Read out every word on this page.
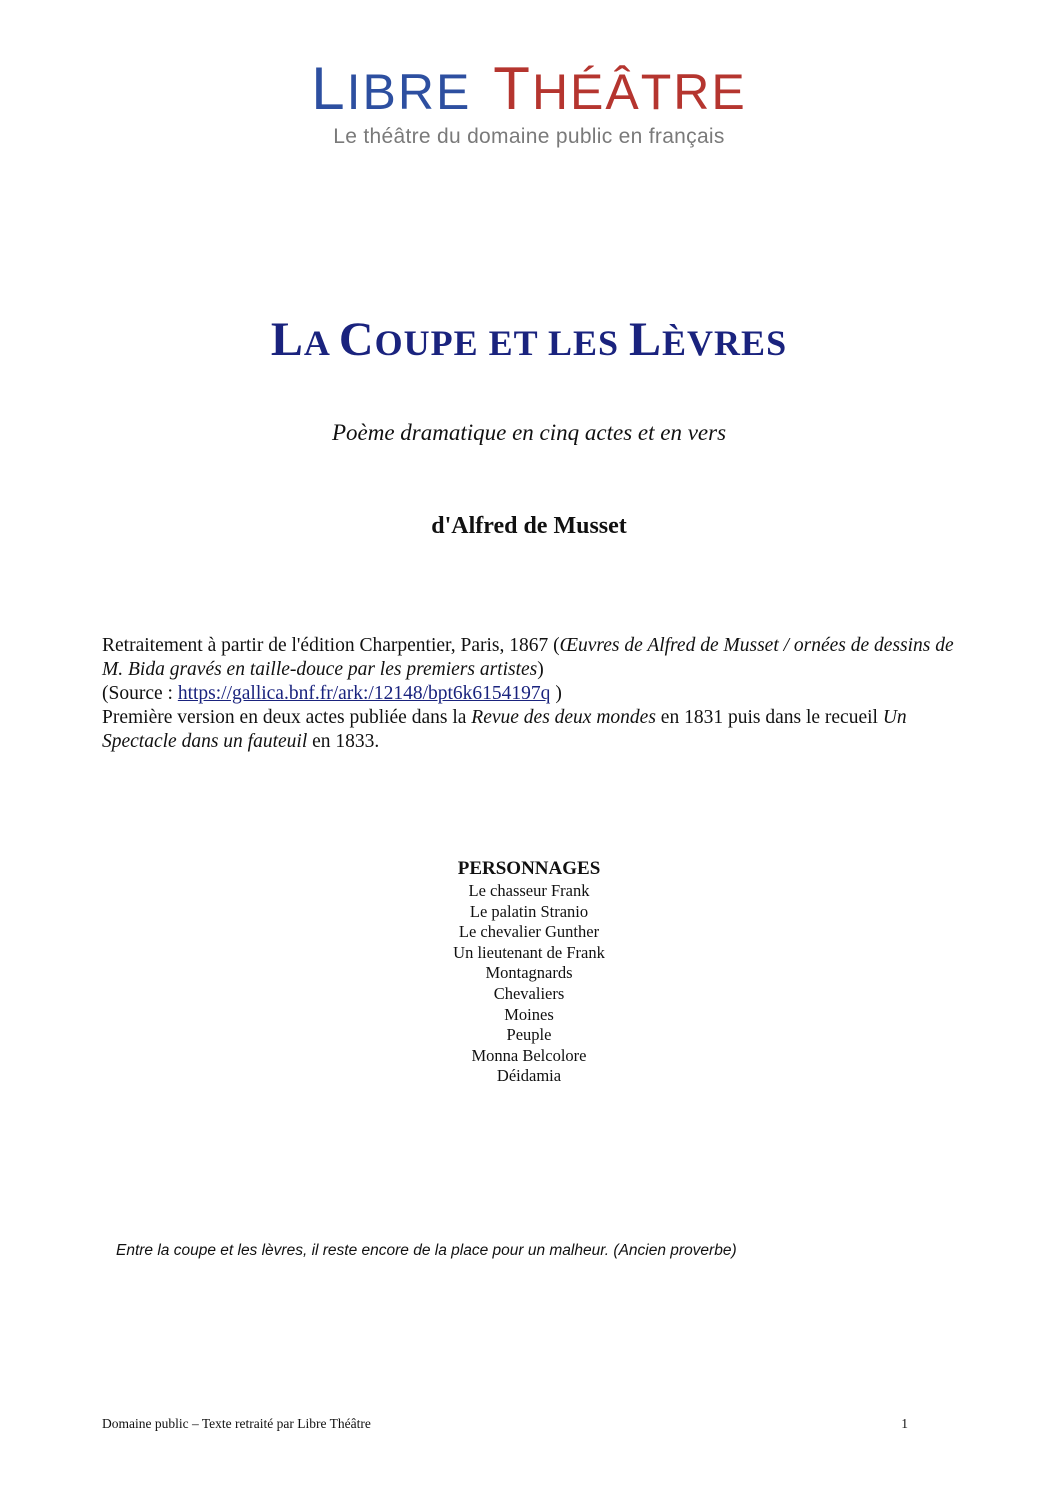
LIBRE THÉÂTRE
Le théâtre du domaine public en français
LA COUPE ET LES LÈVRES
Poème dramatique en cinq actes et en vers
d'Alfred de Musset

Retraitement à partir de l'édition Charpentier, Paris, 1867 (Œuvres de Alfred de Musset / ornées de dessins de M. Bida gravés en taille-douce par les premiers artistes)

(Source : https://gallica.bnf.fr/ark:/12148/bpt6k6154197q )

Première version en deux actes publiée dans la Revue des deux mondes en 1831 puis dans le recueil Un Spectacle dans un fauteuil en 1833.

PERSONNAGES
Le chasseur Frank
Le palatin Stranio
Le chevalier Gunther
Un lieutenant de Frank
Montagnards
Chevaliers
Moines
Peuple
Monna Belcolore
Déidamia
Entre la coupe et les lèvres, il reste encore de la place pour un malheur. (Ancien proverbe)
Domaine public – Texte retraité par Libre Théâtre	1
